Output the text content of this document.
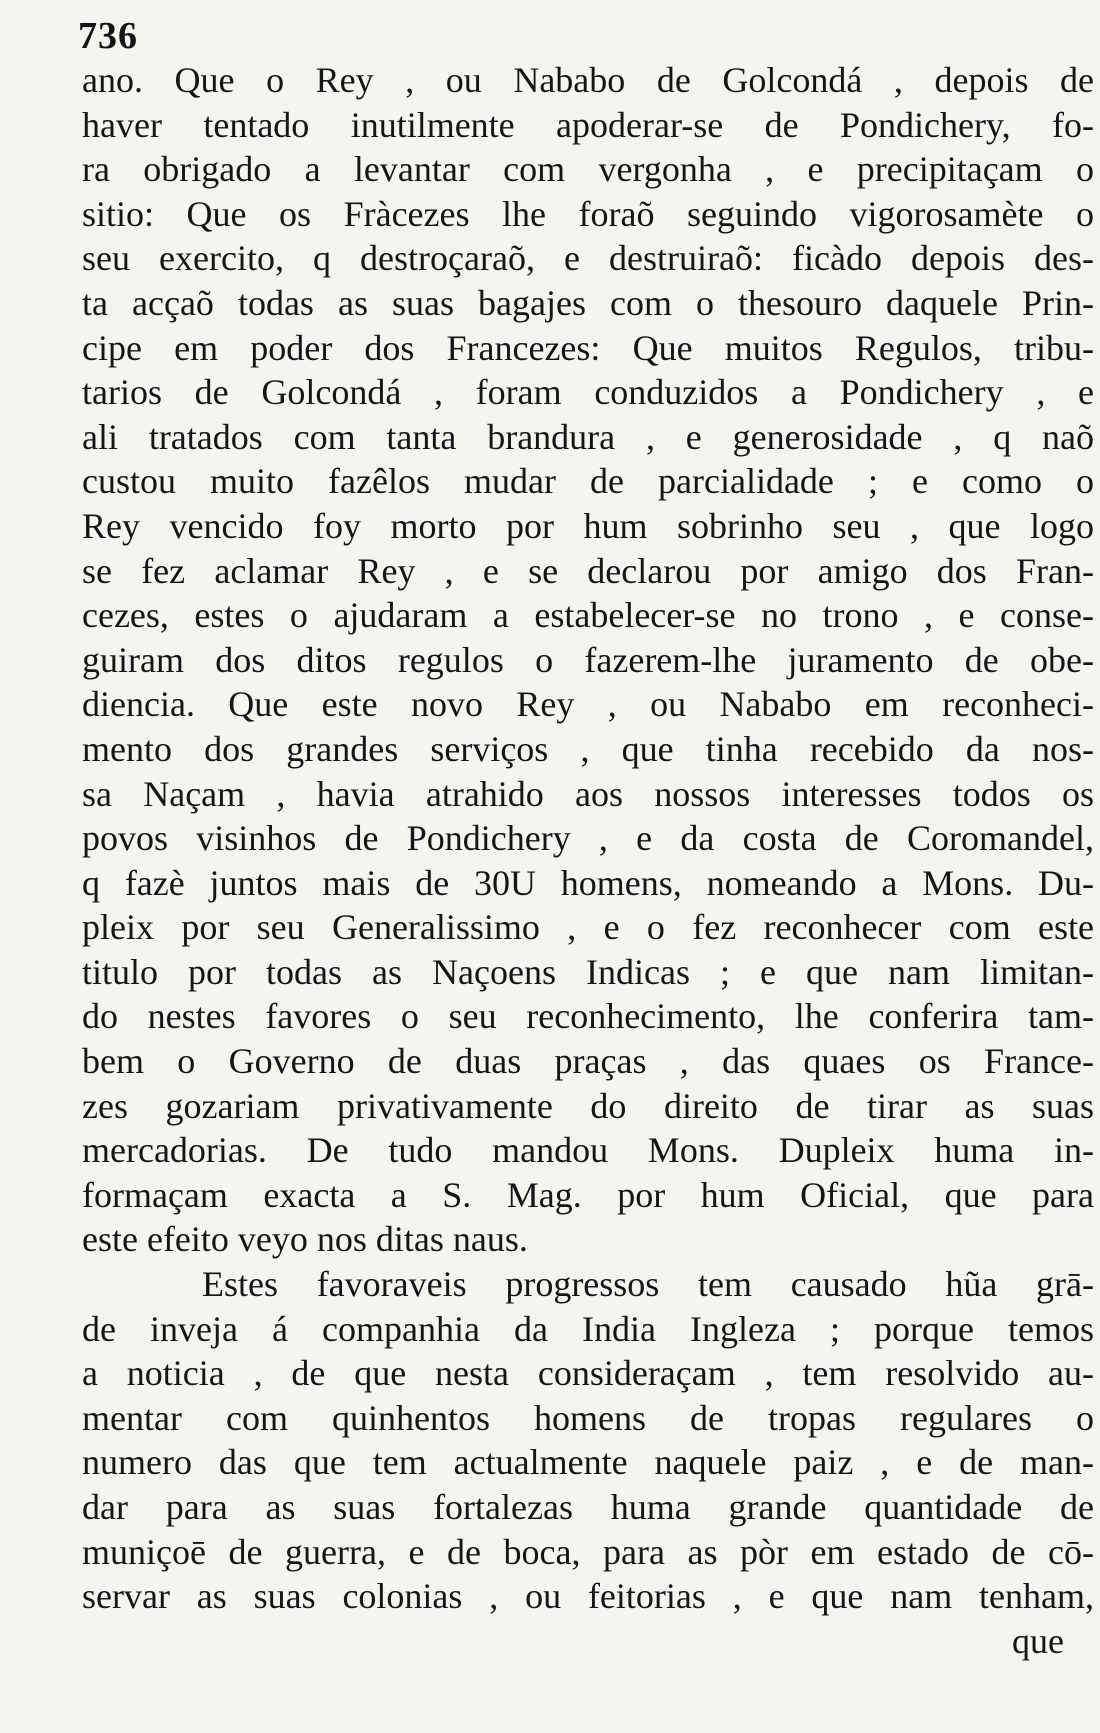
736
ano. Que o Rey , ou Nababo de Golcondá , depois de
haver tentado inutilmente apoderar-se de Pondichery, fo-
ra obrigado a levantar com vergonha , e precipitaçam o
sitio: Que os Fràcezes lhe foraõ seguindo vigorosamète o
seu exercito, q destroçaraõ, e destruiraõ: ficàdo depois des-
ta acçaõ todas as suas bagajes com o thesouro daquele Prin-
cipe em poder dos Francezes: Que muitos Regulos, tribu-
tarios de Golcondá , foram conduzidos a Pondichery , e
ali tratados com tanta brandura , e generosidade , q naõ
custou muito fazêlos mudar de parcialidade ; e como o
Rey vencido foy morto por hum sobrinho seu , que logo
se fez aclamar Rey , e se declarou por amigo dos Fran-
cezes, estes o ajudaram a estabelecer-se no trono , e conse-
guiram dos ditos regulos o fazerem-lhe juramento de obe-
diencia. Que este novo Rey , ou Nababo em reconheci-
mento dos grandes serviços , que tinha recebido da nos-
sa Naçam , havia atrahido aos nossos interesses todos os
povos visinhos de Pondichery , e da costa de Coromandel,
q fazè juntos mais de 30U homens, nomeando a Mons. Du-
pleix por seu Generalissimo , e o fez reconhecer com este
titulo por todas as Naçoens Indicas ; e que nam limitan-
do nestes favores o seu reconhecimento, lhe conferira tam-
bem o Governo de duas praças , das quaes os France-
zes gozariam privativamente do direito de tirar as suas
mercadorias. De tudo mandou Mons. Dupleix huma in-
formaçam exacta a S. Mag. por hum Oficial, que para
este efeito veyo nos ditas naus.
Estes favoraveis progressos tem causado hũa grā-
de inveja á companhia da India Ingleza ; porque temos
a noticia , de que nesta consideraçam , tem resolvido au-
mentar com quinhentos homens de tropas regulares o
numero das que tem actualmente naquele paiz , e de man-
dar para as suas fortalezas huma grande quantidade de
muniçoē de guerra, e de boca, para as pòr em estado de cō-
servar as suas colonias , ou feitorias , e que nam tenham,
que
